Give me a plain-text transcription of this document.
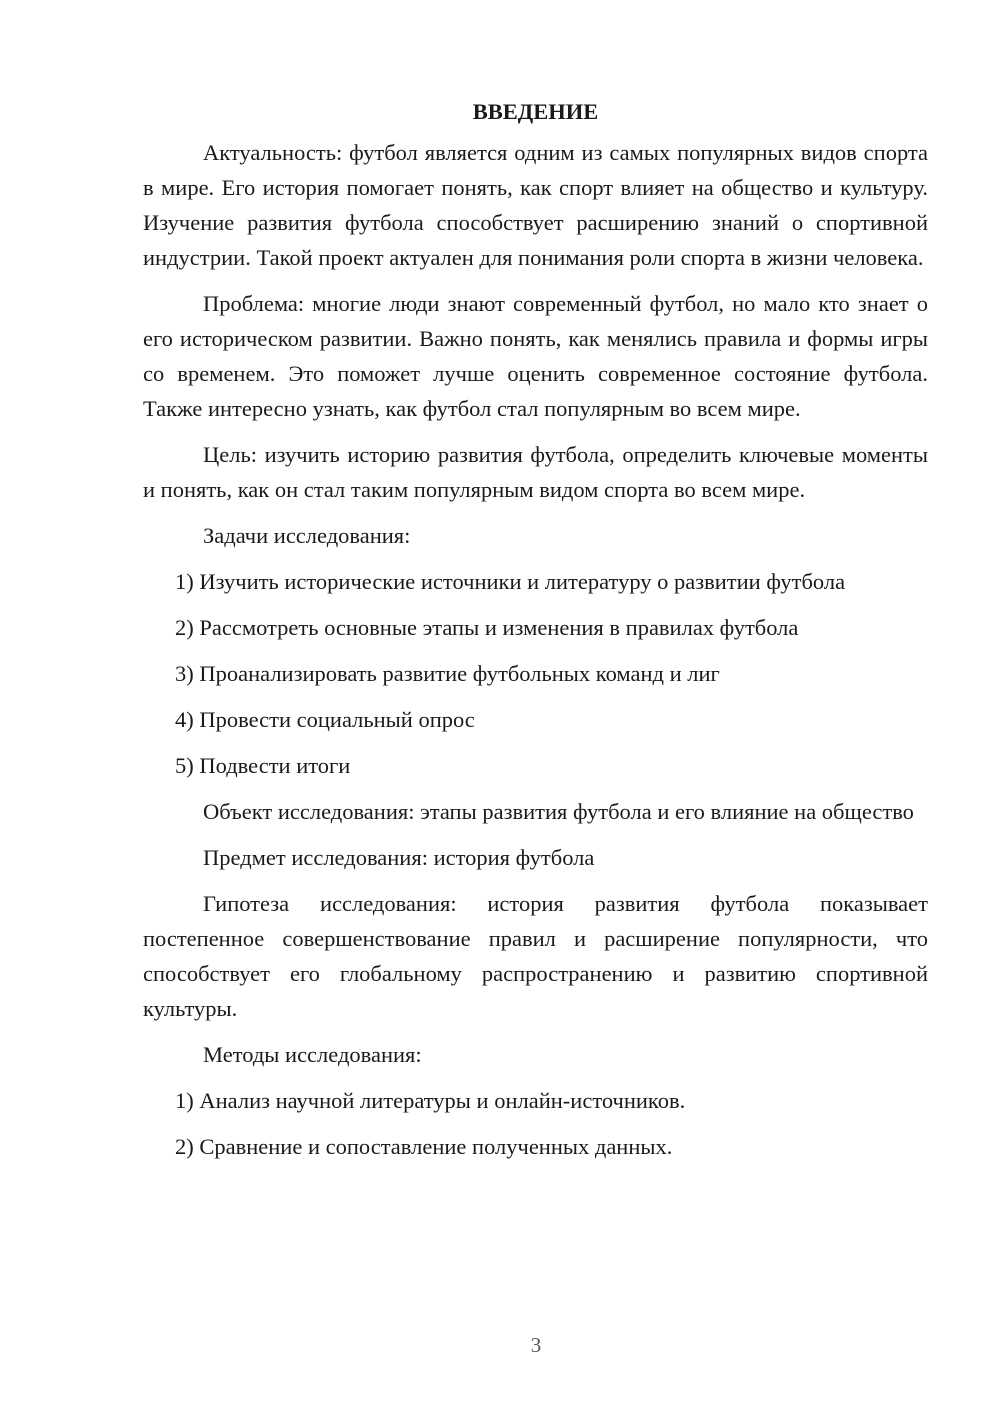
ВВЕДЕНИЕ

Актуальность: футбол является одним из самых популярных видов спорта в мире. Его история помогает понять, как спорт влияет на общество и культуру. Изучение развития футбола способствует расширению знаний о спортивной индустрии. Такой проект актуален для понимания роли спорта в жизни человека.

Проблема: многие люди знают современный футбол, но мало кто знает о его историческом развитии. Важно понять, как менялись правила и формы игры со временем. Это поможет лучше оценить современное состояние футбола. Также интересно узнать, как футбол стал популярным во всем мире.

Цель: изучить историю развития футбола, определить ключевые моменты и понять, как он стал таким популярным видом спорта во всем мире.

Задачи исследования:

1) Изучить исторические источники и литературу о развитии футбола
2) Рассмотреть основные этапы и изменения в правилах футбола
3) Проанализировать развитие футбольных команд и лиг
4) Провести социальный опрос
5) Подвести итоги

Объект исследования: этапы развития футбола и его влияние на общество

Предмет исследования: история футбола

Гипотеза исследования: история развития футбола показывает постепенное совершенствование правил и расширение популярности, что способствует его глобальному распространению и развитию спортивной культуры.

Методы исследования:

1) Анализ научной литературы и онлайн-источников.
2) Сравнение и сопоставление полученных данных.
3
